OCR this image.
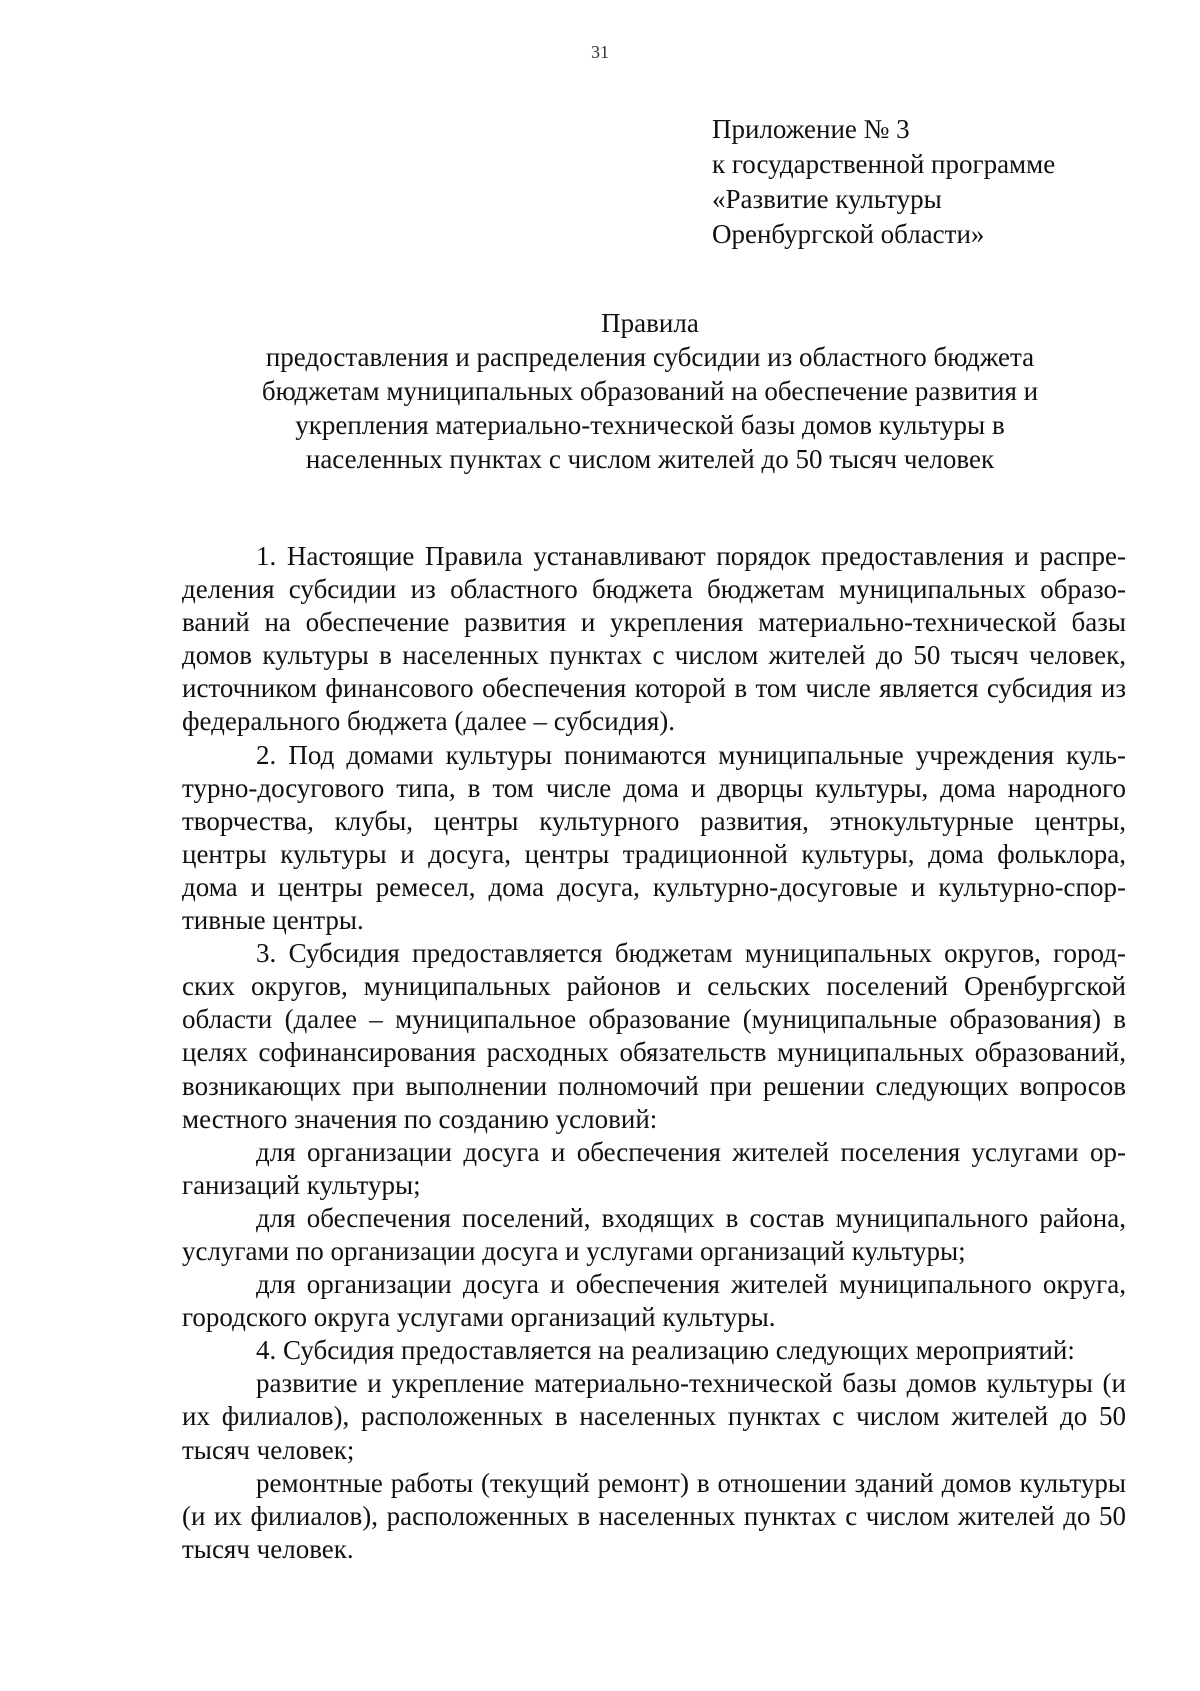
31
Приложение № 3
к государственной программе
«Развитие культуры
Оренбургской области»
Правила
предоставления и распределения субсидии из областного бюджета
бюджетам муниципальных образований на обеспечение развития и
укрепления материально-технической базы домов культуры в
населенных пунктах с числом жителей до 50 тысяч человек

1. Настоящие Правила устанавливают порядок предоставления и распределения субсидии из областного бюджета бюджетам муниципальных образований на обеспечение развития и укрепления материально-технической базы домов культуры в населенных пунктах с числом жителей до 50 тысяч человек, источником финансового обеспечения которой в том числе является субсидия из федерального бюджета (далее – субсидия).

2. Под домами культуры понимаются муниципальные учреждения культурно-досугового типа, в том числе дома и дворцы культуры, дома народного творчества, клубы, центры культурного развития, этнокультурные центры, центры культуры и досуга, центры традиционной культуры, дома фольклора, дома и центры ремесел, дома досуга, культурно-досуговые и культурно-спортивные центры.

3. Субсидия предоставляется бюджетам муниципальных округов, городских округов, муниципальных районов и сельских поселений Оренбургской области (далее – муниципальное образование (муниципальные образования) в целях софинансирования расходных обязательств муниципальных образований, возникающих при выполнении полномочий при решении следующих вопросов местного значения по созданию условий:

для организации досуга и обеспечения жителей поселения услугами организаций культуры;

для обеспечения поселений, входящих в состав муниципального района, услугами по организации досуга и услугами организаций культуры;

для организации досуга и обеспечения жителей муниципального округа, городского округа услугами организаций культуры.

4. Субсидия предоставляется на реализацию следующих мероприятий:

развитие и укрепление материально-технической базы домов культуры (и их филиалов), расположенных в населенных пунктах с числом жителей до 50 тысяч человек;

ремонтные работы (текущий ремонт) в отношении зданий домов культуры (и их филиалов), расположенных в населенных пунктах с числом жителей до 50 тысяч человек.
